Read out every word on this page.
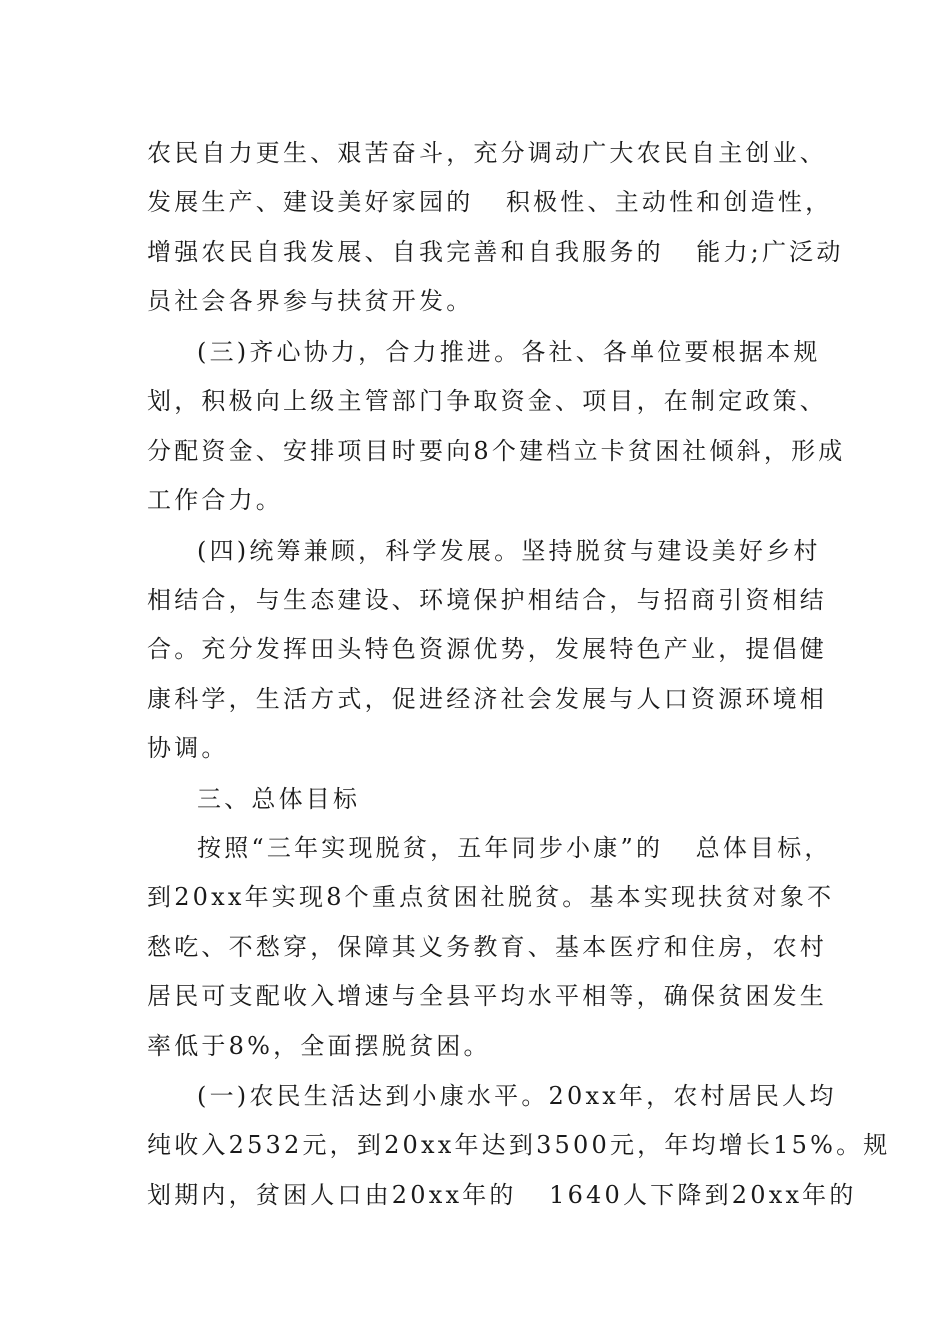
农民自力更生、艰苦奋斗，充分调动广大农民自主创业、

发展生产、建设美好家园的   积极性、主动性和创造性，

增强农民自我发展、自我完善和自我服务的   能力;广泛动

员社会各界参与扶贫开发。

(三)齐心协力，合力推进。各社、各单位要根据本规

划，积极向上级主管部门争取资金、项目，在制定政策、

分配资金、安排项目时要向8个建档立卡贫困社倾斜，形成

工作合力。

(四)统筹兼顾，科学发展。坚持脱贫与建设美好乡村

相结合，与生态建设、环境保护相结合，与招商引资相结

合。充分发挥田头特色资源优势，发展特色产业，提倡健

康科学，生活方式，促进经济社会发展与人口资源环境相

协调。

三、总体目标

按照“三年实现脱贫，五年同步小康”的   总体目标，

到20xx年实现8个重点贫困社脱贫。基本实现扶贫对象不

愁吃、不愁穿，保障其义务教育、基本医疗和住房，农村

居民可支配收入增速与全县平均水平相等，确保贫困发生

率低于8%，全面摆脱贫困。

(一)农民生活达到小康水平。20xx年，农村居民人均

纯收入2532元，到20xx年达到3500元，年均增长15%。规

划期内，贫困人口由20xx年的   1640人下降到20xx年的
